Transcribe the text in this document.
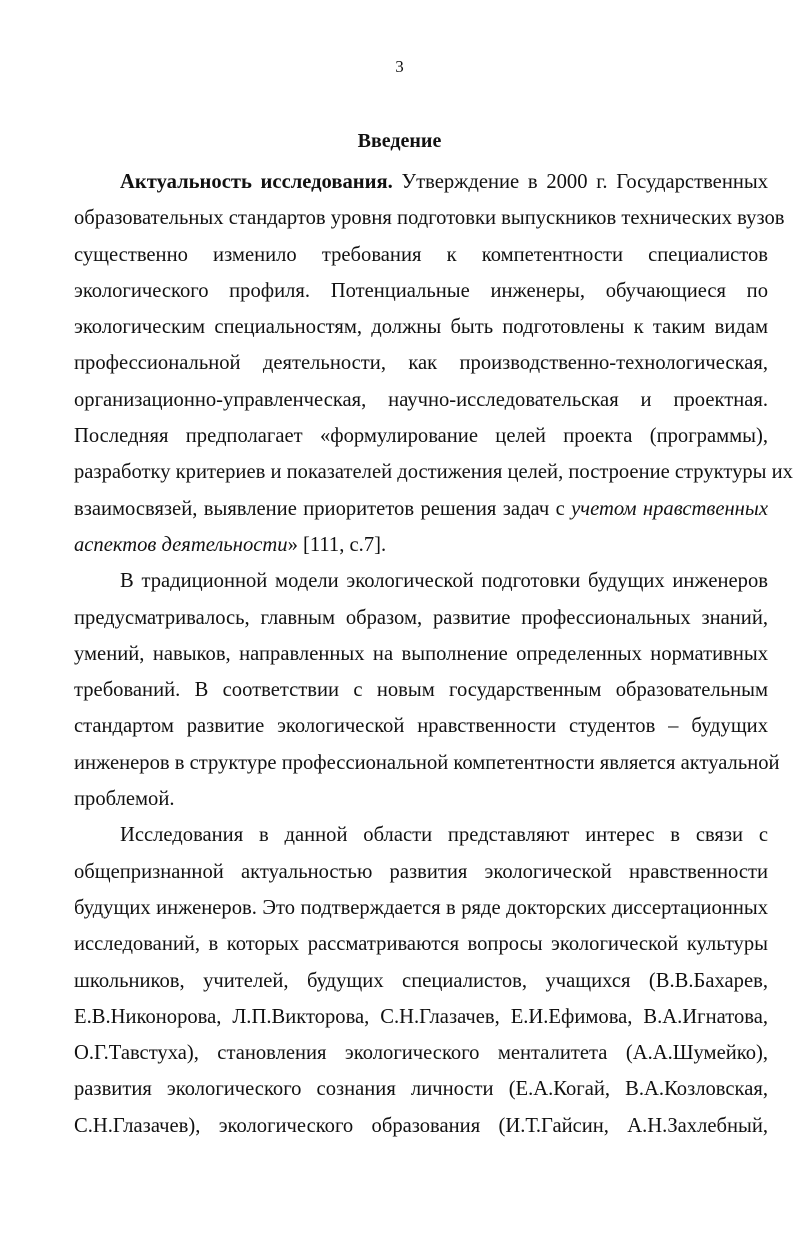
3
Введение
Актуальность исследования. Утверждение в 2000 г. Государственных
образовательных стандартов уровня подготовки выпускников технических вузов
существенно изменило требования к компетентности специалистов
экологического профиля. Потенциальные инженеры, обучающиеся по
экологическим специальностям, должны быть подготовлены к таким видам
профессиональной деятельности, как производственно-технологическая,
организационно-управленческая, научно-исследовательская и проектная.
Последняя предполагает «формулирование целей проекта (программы),
разработку критериев и показателей достижения целей, построение структуры их
взаимосвязей, выявление приоритетов решения задач с учетом нравственных
аспектов деятельности» [111, с.7].
В традиционной модели экологической подготовки будущих инженеров
предусматривалось, главным образом, развитие профессиональных знаний,
умений, навыков, направленных на выполнение определенных нормативных
требований. В соответствии с новым государственным образовательным
стандартом развитие экологической нравственности студентов – будущих
инженеров в структуре профессиональной компетентности является актуальной
проблемой.
Исследования в данной области представляют интерес в связи с
общепризнанной актуальностью развития экологической нравственности
будущих инженеров. Это подтверждается в ряде докторских диссертационных
исследований, в которых рассматриваются вопросы экологической культуры
школьников, учителей, будущих специалистов, учащихся (В.В.Бахарев,
Е.В.Никонорова, Л.П.Викторова, С.Н.Глазачев, Е.И.Ефимова, В.А.Игнатова,
О.Г.Тавстуха), становления экологического менталитета (А.А.Шумейко),
развития экологического сознания личности (Е.А.Когай, В.А.Козловская,
С.Н.Глазачев), экологического образования (И.Т.Гайсин, А.Н.Захлебный,
